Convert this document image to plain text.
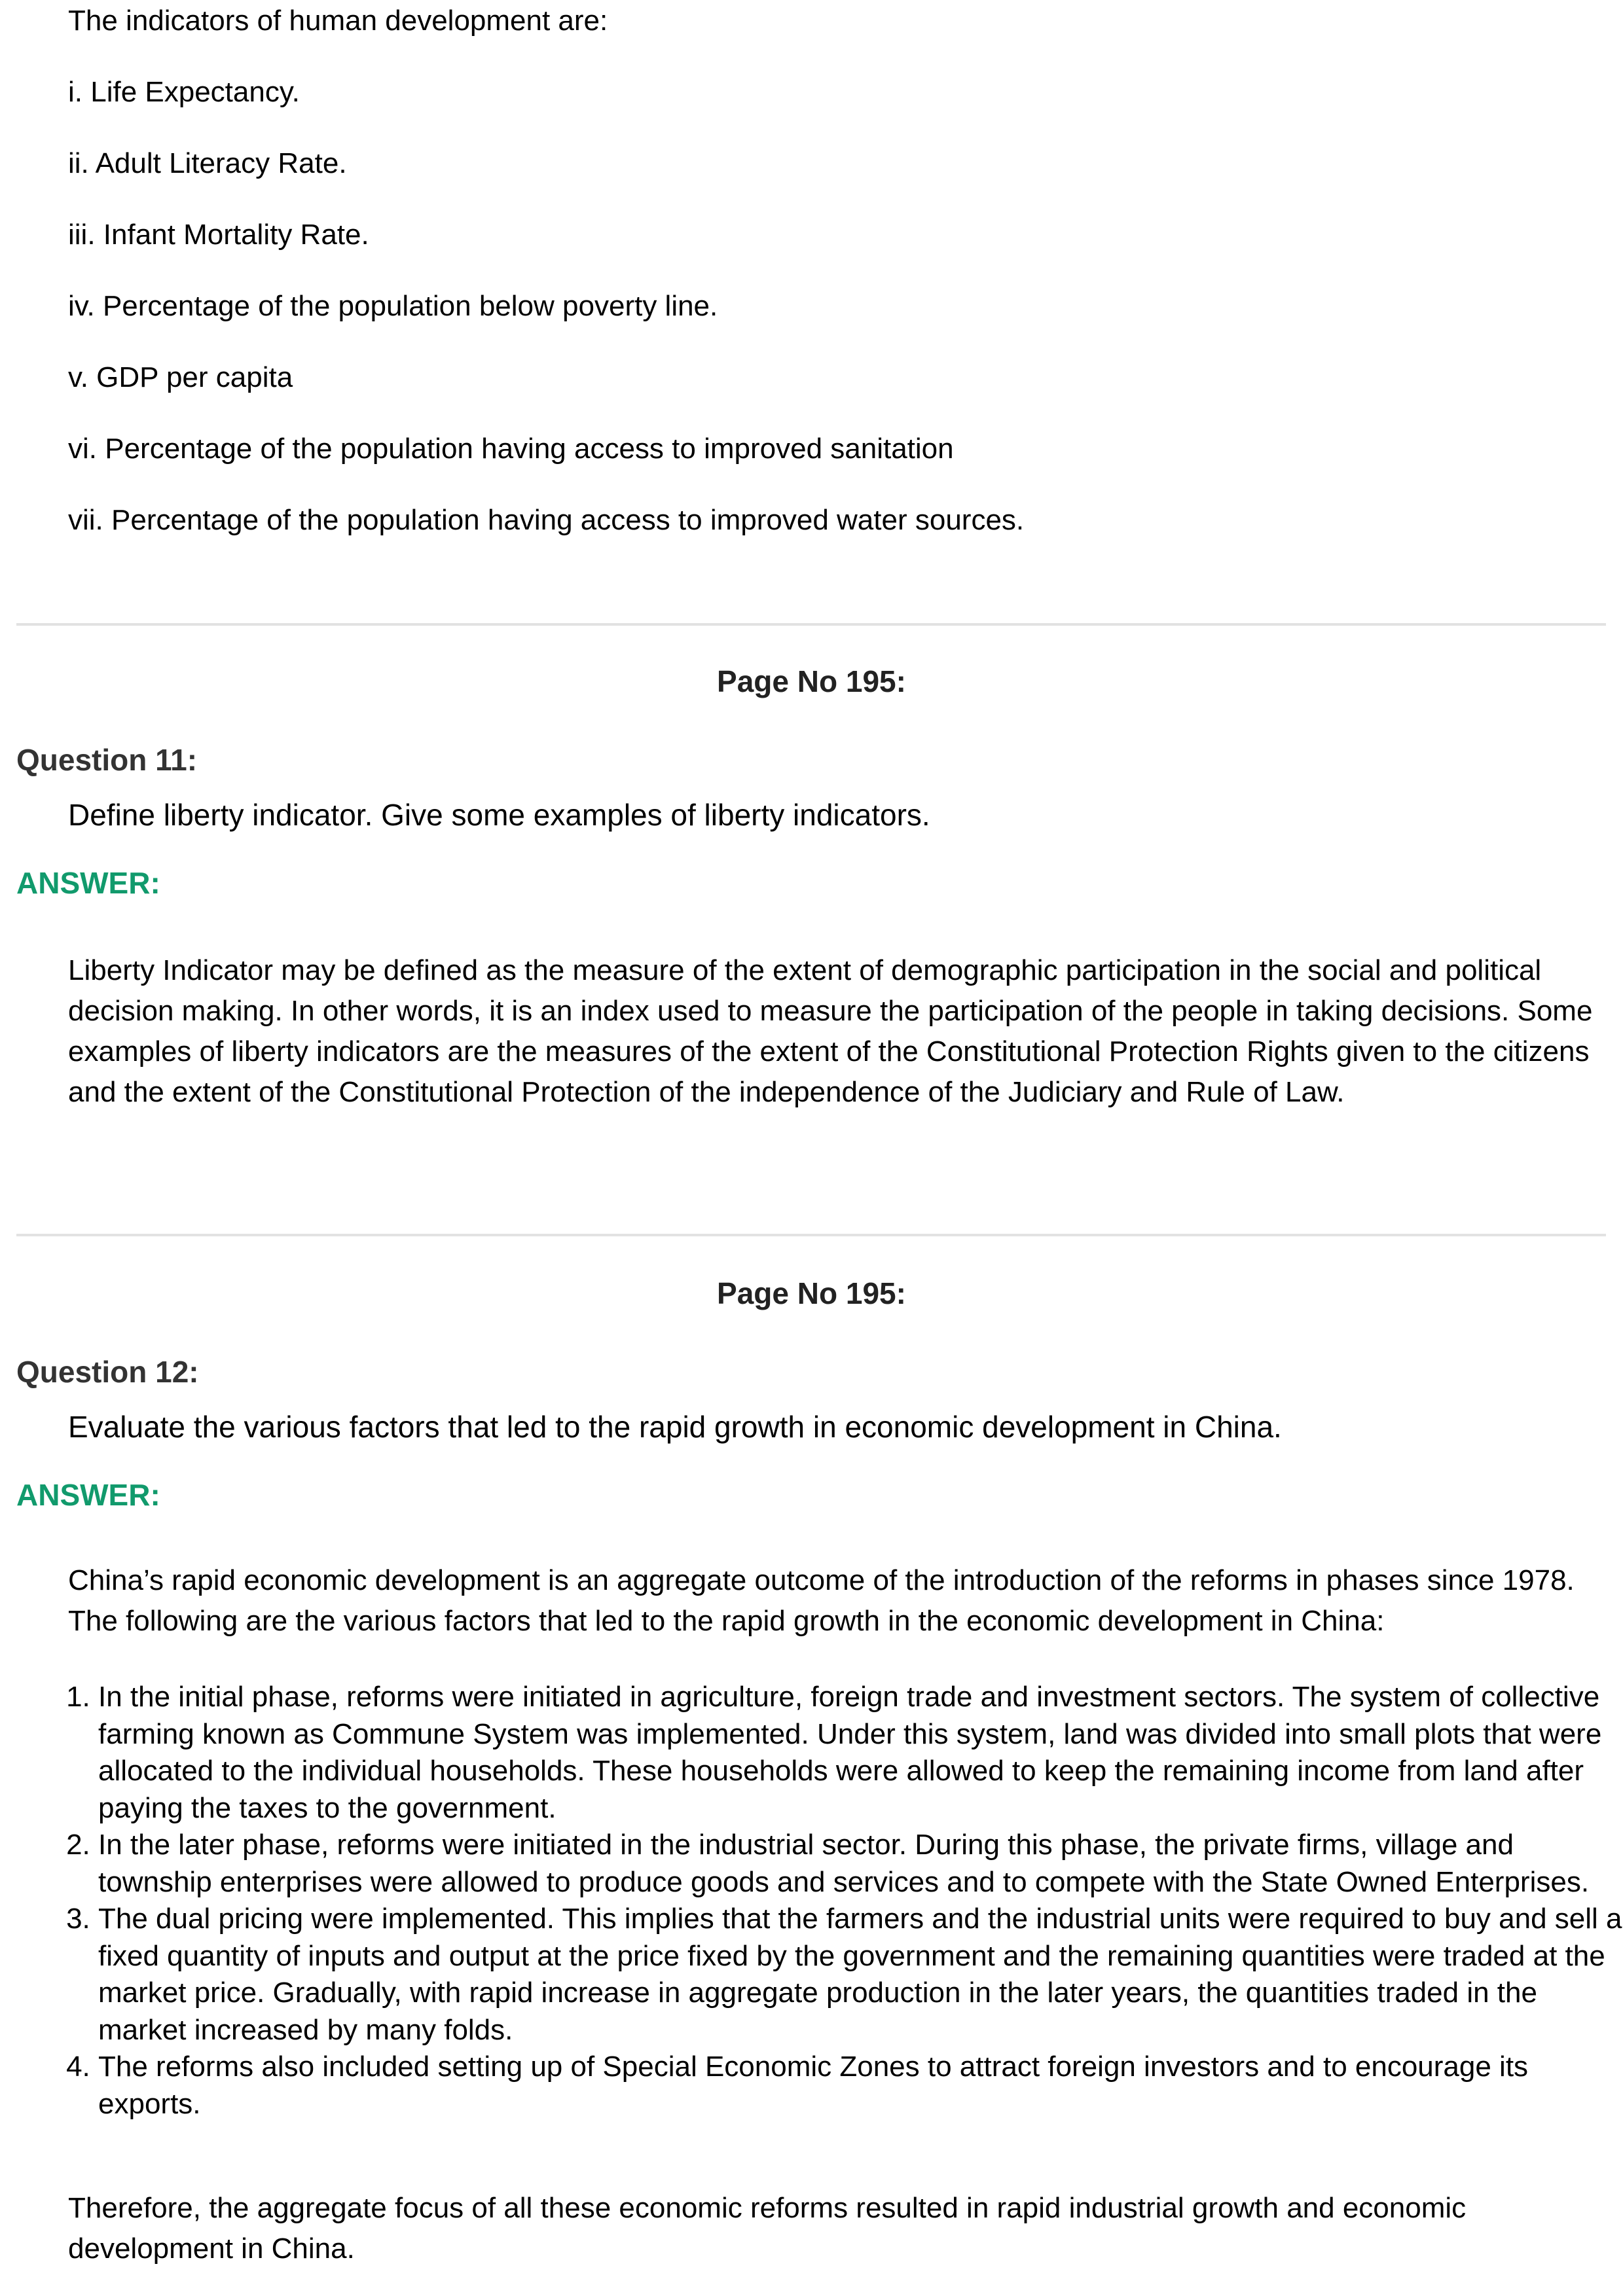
The indicators of human development are:
i. Life Expectancy.
ii. Adult Literacy Rate.
iii. Infant Mortality Rate.
iv. Percentage of the population below poverty line.
v. GDP per capita
vi. Percentage of the population having access to improved sanitation
vii. Percentage of the population having access to improved water sources.
Page No 195:
Question 11:
Define liberty indicator. Give some examples of liberty indicators.
ANSWER:
Liberty Indicator may be defined as the measure of the extent of demographic participation in the social and political decision making. In other words, it is an index used to measure the participation of the people in taking decisions. Some examples of liberty indicators are the measures of the extent of the Constitutional Protection Rights given to the citizens and the extent of the Constitutional Protection of the independence of the Judiciary and Rule of Law.
Page No 195:
Question 12:
Evaluate the various factors that led to the rapid growth in economic development in China.
ANSWER:
China’s rapid economic development is an aggregate outcome of the introduction of the reforms in phases since 1978. The following are the various factors that led to the rapid growth in the economic development in China:
1. In the initial phase, reforms were initiated in agriculture, foreign trade and investment sectors. The system of collective farming known as Commune System was implemented. Under this system, land was divided into small plots that were allocated to the individual households. These households were allowed to keep the remaining income from land after paying the taxes to the government.
2. In the later phase, reforms were initiated in the industrial sector. During this phase, the private firms, village and township enterprises were allowed to produce goods and services and to compete with the State Owned Enterprises.
3. The dual pricing were implemented. This implies that the farmers and the industrial units were required to buy and sell a fixed quantity of inputs and output at the price fixed by the government and the remaining quantities were traded at the market price. Gradually, with rapid increase in aggregate production in the later years, the quantities traded in the market increased by many folds.
4. The reforms also included setting up of Special Economic Zones to attract foreign investors and to encourage its exports.
Therefore, the aggregate focus of all these economic reforms resulted in rapid industrial growth and economic development in China.
